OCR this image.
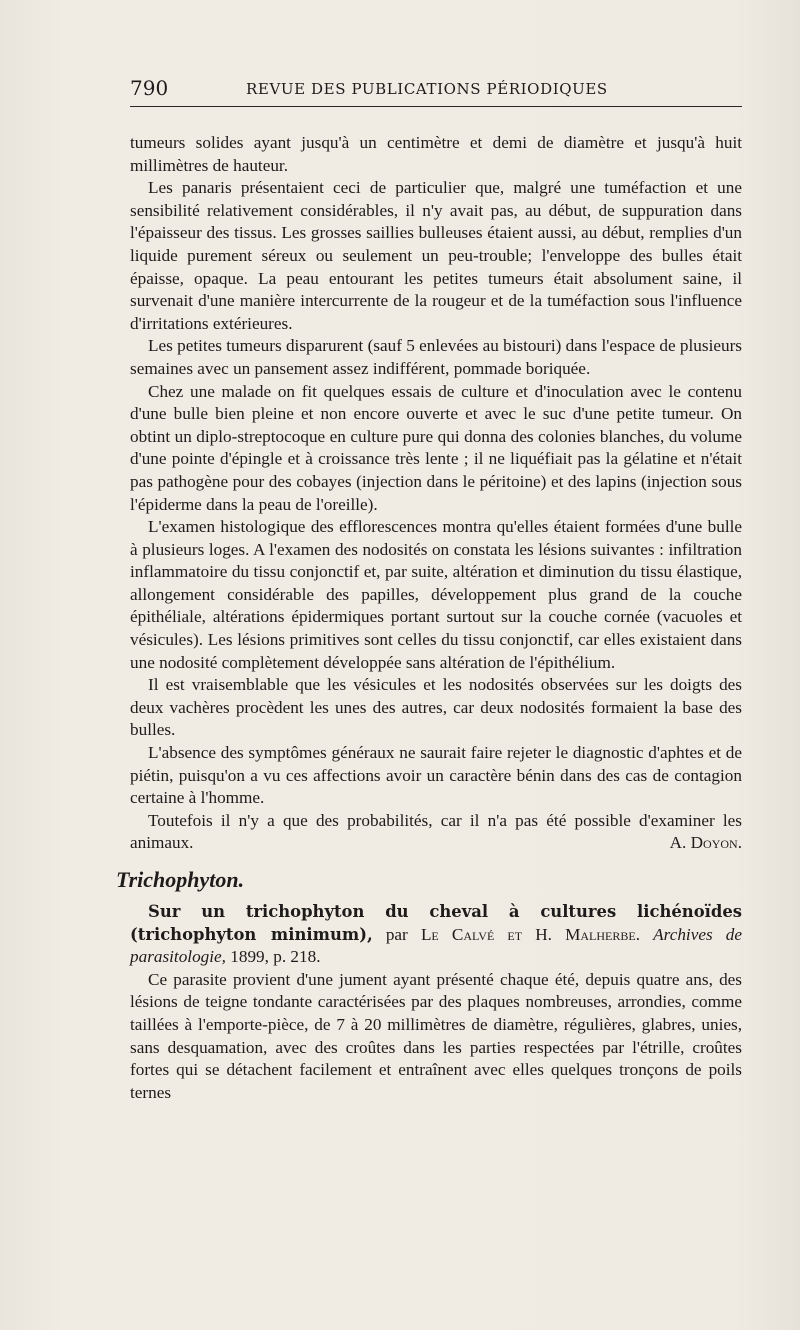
790	REVUE DES PUBLICATIONS PÉRIODIQUES

tumeurs solides ayant jusqu'à un centimètre et demi de diamètre et jusqu'à huit millimètres de hauteur.

Les panaris présentaient ceci de particulier que, malgré une tuméfaction et une sensibilité relativement considérables, il n'y avait pas, au début, de suppuration dans l'épaisseur des tissus. Les grosses saillies bulleuses étaient aussi, au début, remplies d'un liquide purement séreux ou seulement un peu-trouble; l'enveloppe des bulles était épaisse, opaque. La peau entourant les petites tumeurs était absolument saine, il survenait d'une manière intercurrente de la rougeur et de la tuméfaction sous l'influence d'irritations extérieures.

Les petites tumeurs disparurent (sauf 5 enlevées au bistouri) dans l'espace de plusieurs semaines avec un pansement assez indifférent, pommade boriquée.

Chez une malade on fit quelques essais de culture et d'inoculation avec le contenu d'une bulle bien pleine et non encore ouverte et avec le suc d'une petite tumeur. On obtint un diplo-streptocoque en culture pure qui donna des colonies blanches, du volume d'une pointe d'épingle et à croissance très lente ; il ne liquéfiait pas la gélatine et n'était pas pathogène pour des cobayes (injection dans le péritoine) et des lapins (injection sous l'épiderme dans la peau de l'oreille).

L'examen histologique des efflorescences montra qu'elles étaient formées d'une bulle à plusieurs loges. A l'examen des nodosités on constata les lésions suivantes : infiltration inflammatoire du tissu conjonctif et, par suite, altération et diminution du tissu élastique, allongement considérable des papilles, développement plus grand de la couche épithéliale, altérations épidermiques portant surtout sur la couche cornée (vacuoles et vésicules). Les lésions primitives sont celles du tissu conjonctif, car elles existaient dans une nodosité complètement développée sans altération de l'épithélium.

Il est vraisemblable que les vésicules et les nodosités observées sur les doigts des deux vachères procèdent les unes des autres, car deux nodosités formaient la base des bulles.

L'absence des symptômes généraux ne saurait faire rejeter le diagnostic d'aphtes et de piétin, puisqu'on a vu ces affections avoir un caractère bénin dans des cas de contagion certaine à l'homme.

Toutefois il n'y a que des probabilités, car il n'a pas été possible d'examiner les animaux.	A. Doyon.

Trichophyton.

Sur un trichophyton du cheval à cultures lichénoïdes (trichophyton minimum), par Le Calvé et H. Malherbe. Archives de parasitologie, 1899, p. 218.

Ce parasite provient d'une jument ayant présenté chaque été, depuis quatre ans, des lésions de teigne tondante caractérisées par des plaques nombreuses, arrondies, comme taillées à l'emporte-pièce, de 7 à 20 millimètres de diamètre, régulières, glabres, unies, sans desquamation, avec des croûtes dans les parties respectées par l'étrille, croûtes fortes qui se détachent facilement et entraînent avec elles quelques tronçons de poils ternes
